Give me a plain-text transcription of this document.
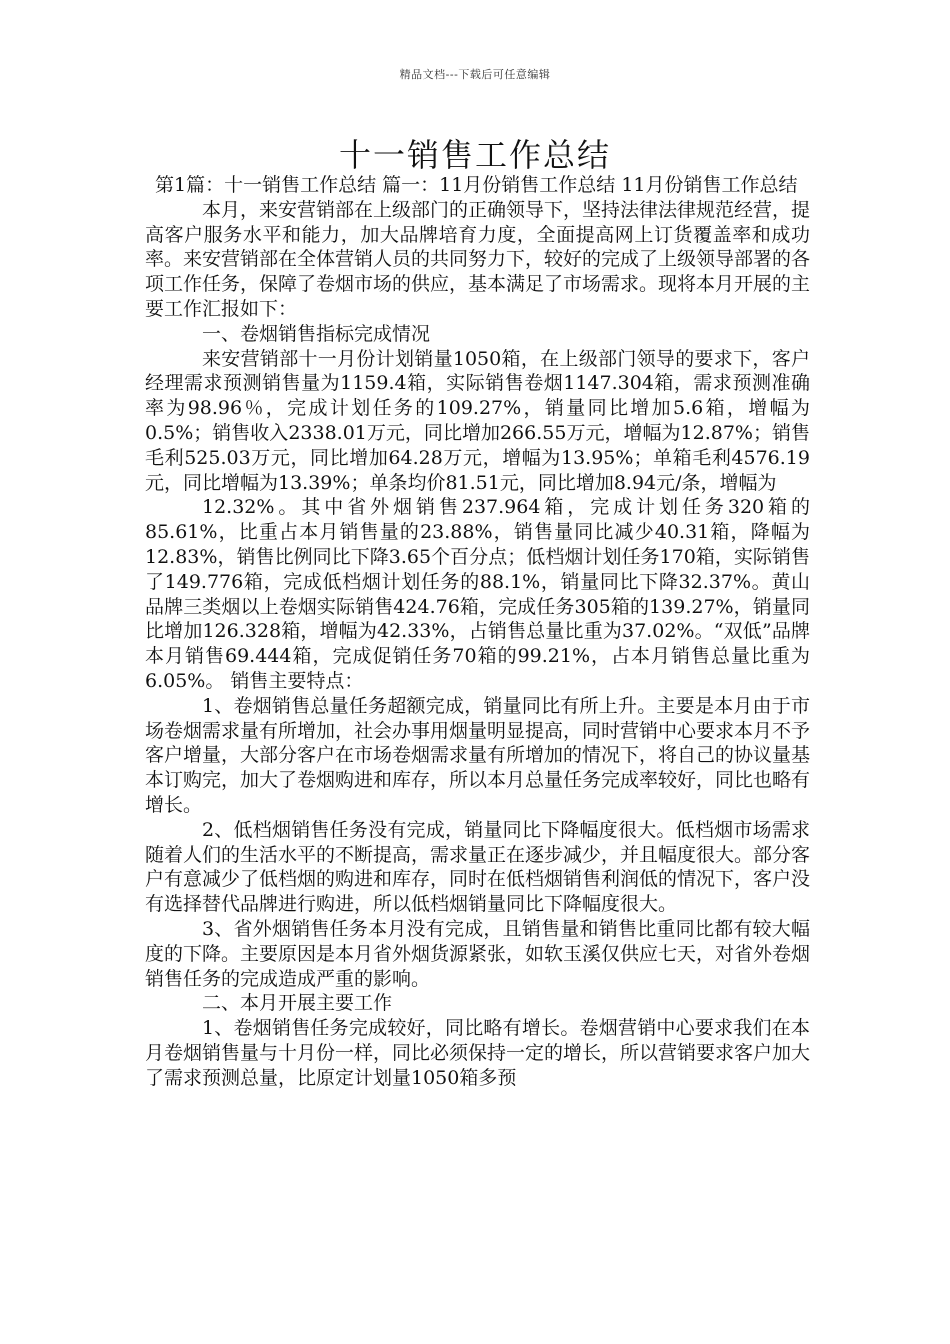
精品文档---下载后可任意编辑
十一销售工作总结

第1篇：十一销售工作总结 篇一：11月份销售工作总结 11月份销售工作总结

本月，来安营销部在上级部门的正确领导下，坚持法律法律规范经营，提高客户服务水平和能力，加大品牌培育力度，全面提高网上订货覆盖率和成功率。来安营销部在全体营销人员的共同努力下，较好的完成了上级领导部署的各项工作任务，保障了卷烟市场的供应，基本满足了市场需求。现将本月开展的主要工作汇报如下：

一、卷烟销售指标完成情况

来安营销部十一月份计划销量1050箱，在上级部门领导的要求下，客户经理需求预测销售量为1159.4箱，实际销售卷烟1147.304箱，需求预测准确率为98.96％，完成计划任务的109.27%，销量同比增加5.6箱，增幅为0.5%；销售收入2338.01万元，同比增加266.55万元，增幅为12.87%；销售毛利525.03万元，同比增加64.28万元，增幅为13.95%；单箱毛利4576.19元，同比增幅为13.39%；单条均价81.51元，同比增加8.94元/条，增幅为

12.32%。其中省外烟销售237.964箱，完成计划任务320箱的85.61%，比重占本月销售量的23.88%，销售量同比减少40.31箱，降幅为12.83%，销售比例同比下降3.65个百分点；低档烟计划任务170箱，实际销售了149.776箱，完成低档烟计划任务的88.1%，销量同比下降32.37%。黄山品牌三类烟以上卷烟实际销售424.76箱，完成任务305箱的139.27%，销量同比增加126.328箱，增幅为42.33%，占销售总量比重为37.02%。“双低”品牌本月销售69.444箱，完成促销任务70箱的99.21%，占本月销售总量比重为6.05%。 销售主要特点：

1、卷烟销售总量任务超额完成，销量同比有所上升。主要是本月由于市场卷烟需求量有所增加，社会办事用烟量明显提高，同时营销中心要求本月不予客户增量，大部分客户在市场卷烟需求量有所增加的情况下，将自己的协议量基本订购完，加大了卷烟购进和库存，所以本月总量任务完成率较好，同比也略有增长。

2、低档烟销售任务没有完成，销量同比下降幅度很大。低档烟市场需求随着人们的生活水平的不断提高，需求量正在逐步减少，并且幅度很大。部分客户有意减少了低档烟的购进和库存，同时在低档烟销售利润低的情况下，客户没有选择替代品牌进行购进，所以低档烟销量同比下降幅度很大。

3、省外烟销售任务本月没有完成，且销售量和销售比重同比都有较大幅度的下降。主要原因是本月省外烟货源紧张，如软玉溪仅供应七天，对省外卷烟销售任务的完成造成严重的影响。

二、本月开展主要工作

1、卷烟销售任务完成较好，同比略有增长。卷烟营销中心要求我们在本月卷烟销售量与十月份一样，同比必须保持一定的增长，所以营销要求客户加大了需求预测总量，比原定计划量1050箱多预
